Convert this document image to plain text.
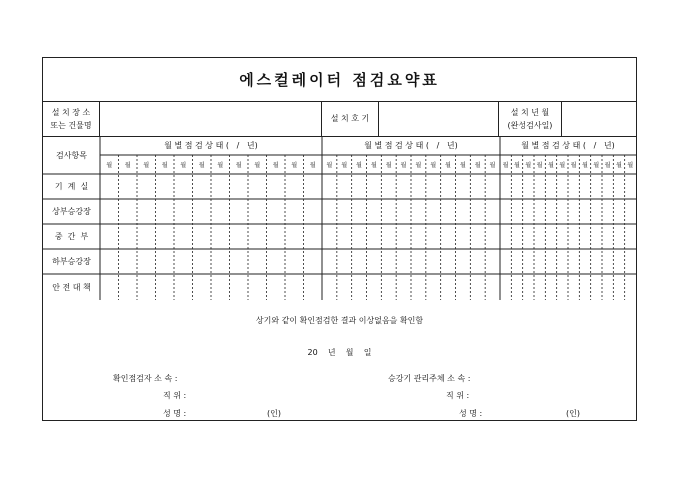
에스컬레이터 점검요약표
설 치 장 소
또는 건물명
설 치 호 기
설 치 년 월
(완성검사일)
검사항목
월 별 점 검 상 태 (   /   년)	월 별 점 검 상 태 (   /   년)	월 별 점 검 상 태 (   /   년)
월	월	월	월	월	월	월	월	월	월	월	월	월	월	월	월	월	월	월	월	월	월	월	월	월 월 월 월 월 월 월 월 월 월 월 월
기  계  실
상부승강장
중  간  부
하부승강장
안 전 대 책
상기와 같이 확인점검한 결과 이상없음을 확인함
20    년    월    일
확인점검자 소 속 :
직 위 :
성 명 :	(인)
승강기 관리주체 소 속 :
직 위 :
성 명 :	(인)
